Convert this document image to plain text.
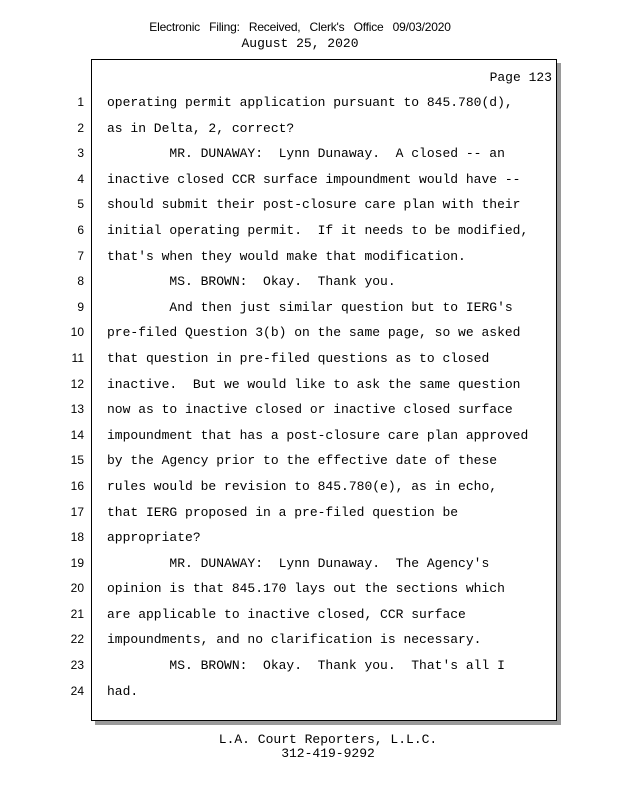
Electronic Filing: Received, Clerk's Office 09/03/2020
August 25, 2020
Page 123
1 operating permit application pursuant to 845.780(d),
2 as in Delta, 2, correct?
3 MR. DUNAWAY:  Lynn Dunaway.  A closed -- an
4 inactive closed CCR surface impoundment would have --
5 should submit their post-closure care plan with their
6 initial operating permit.  If it needs to be modified,
7 that's when they would make that modification.
8 MS. BROWN:  Okay.  Thank you.
9 And then just similar question but to IERG's
10 pre-filed Question 3(b) on the same page, so we asked
11 that question in pre-filed questions as to closed
12 inactive.  But we would like to ask the same question
13 now as to inactive closed or inactive closed surface
14 impoundment that has a post-closure care plan approved
15 by the Agency prior to the effective date of these
16 rules would be revision to 845.780(e), as in echo,
17 that IERG proposed in a pre-filed question be
18 appropriate?
19 MR. DUNAWAY:  Lynn Dunaway.  The Agency's
20 opinion is that 845.170 lays out the sections which
21 are applicable to inactive closed, CCR surface
22 impoundments, and no clarification is necessary.
23 MS. BROWN:  Okay.  Thank you.  That's all I
24 had.
L.A. Court Reporters, L.L.C.
312-419-9292
